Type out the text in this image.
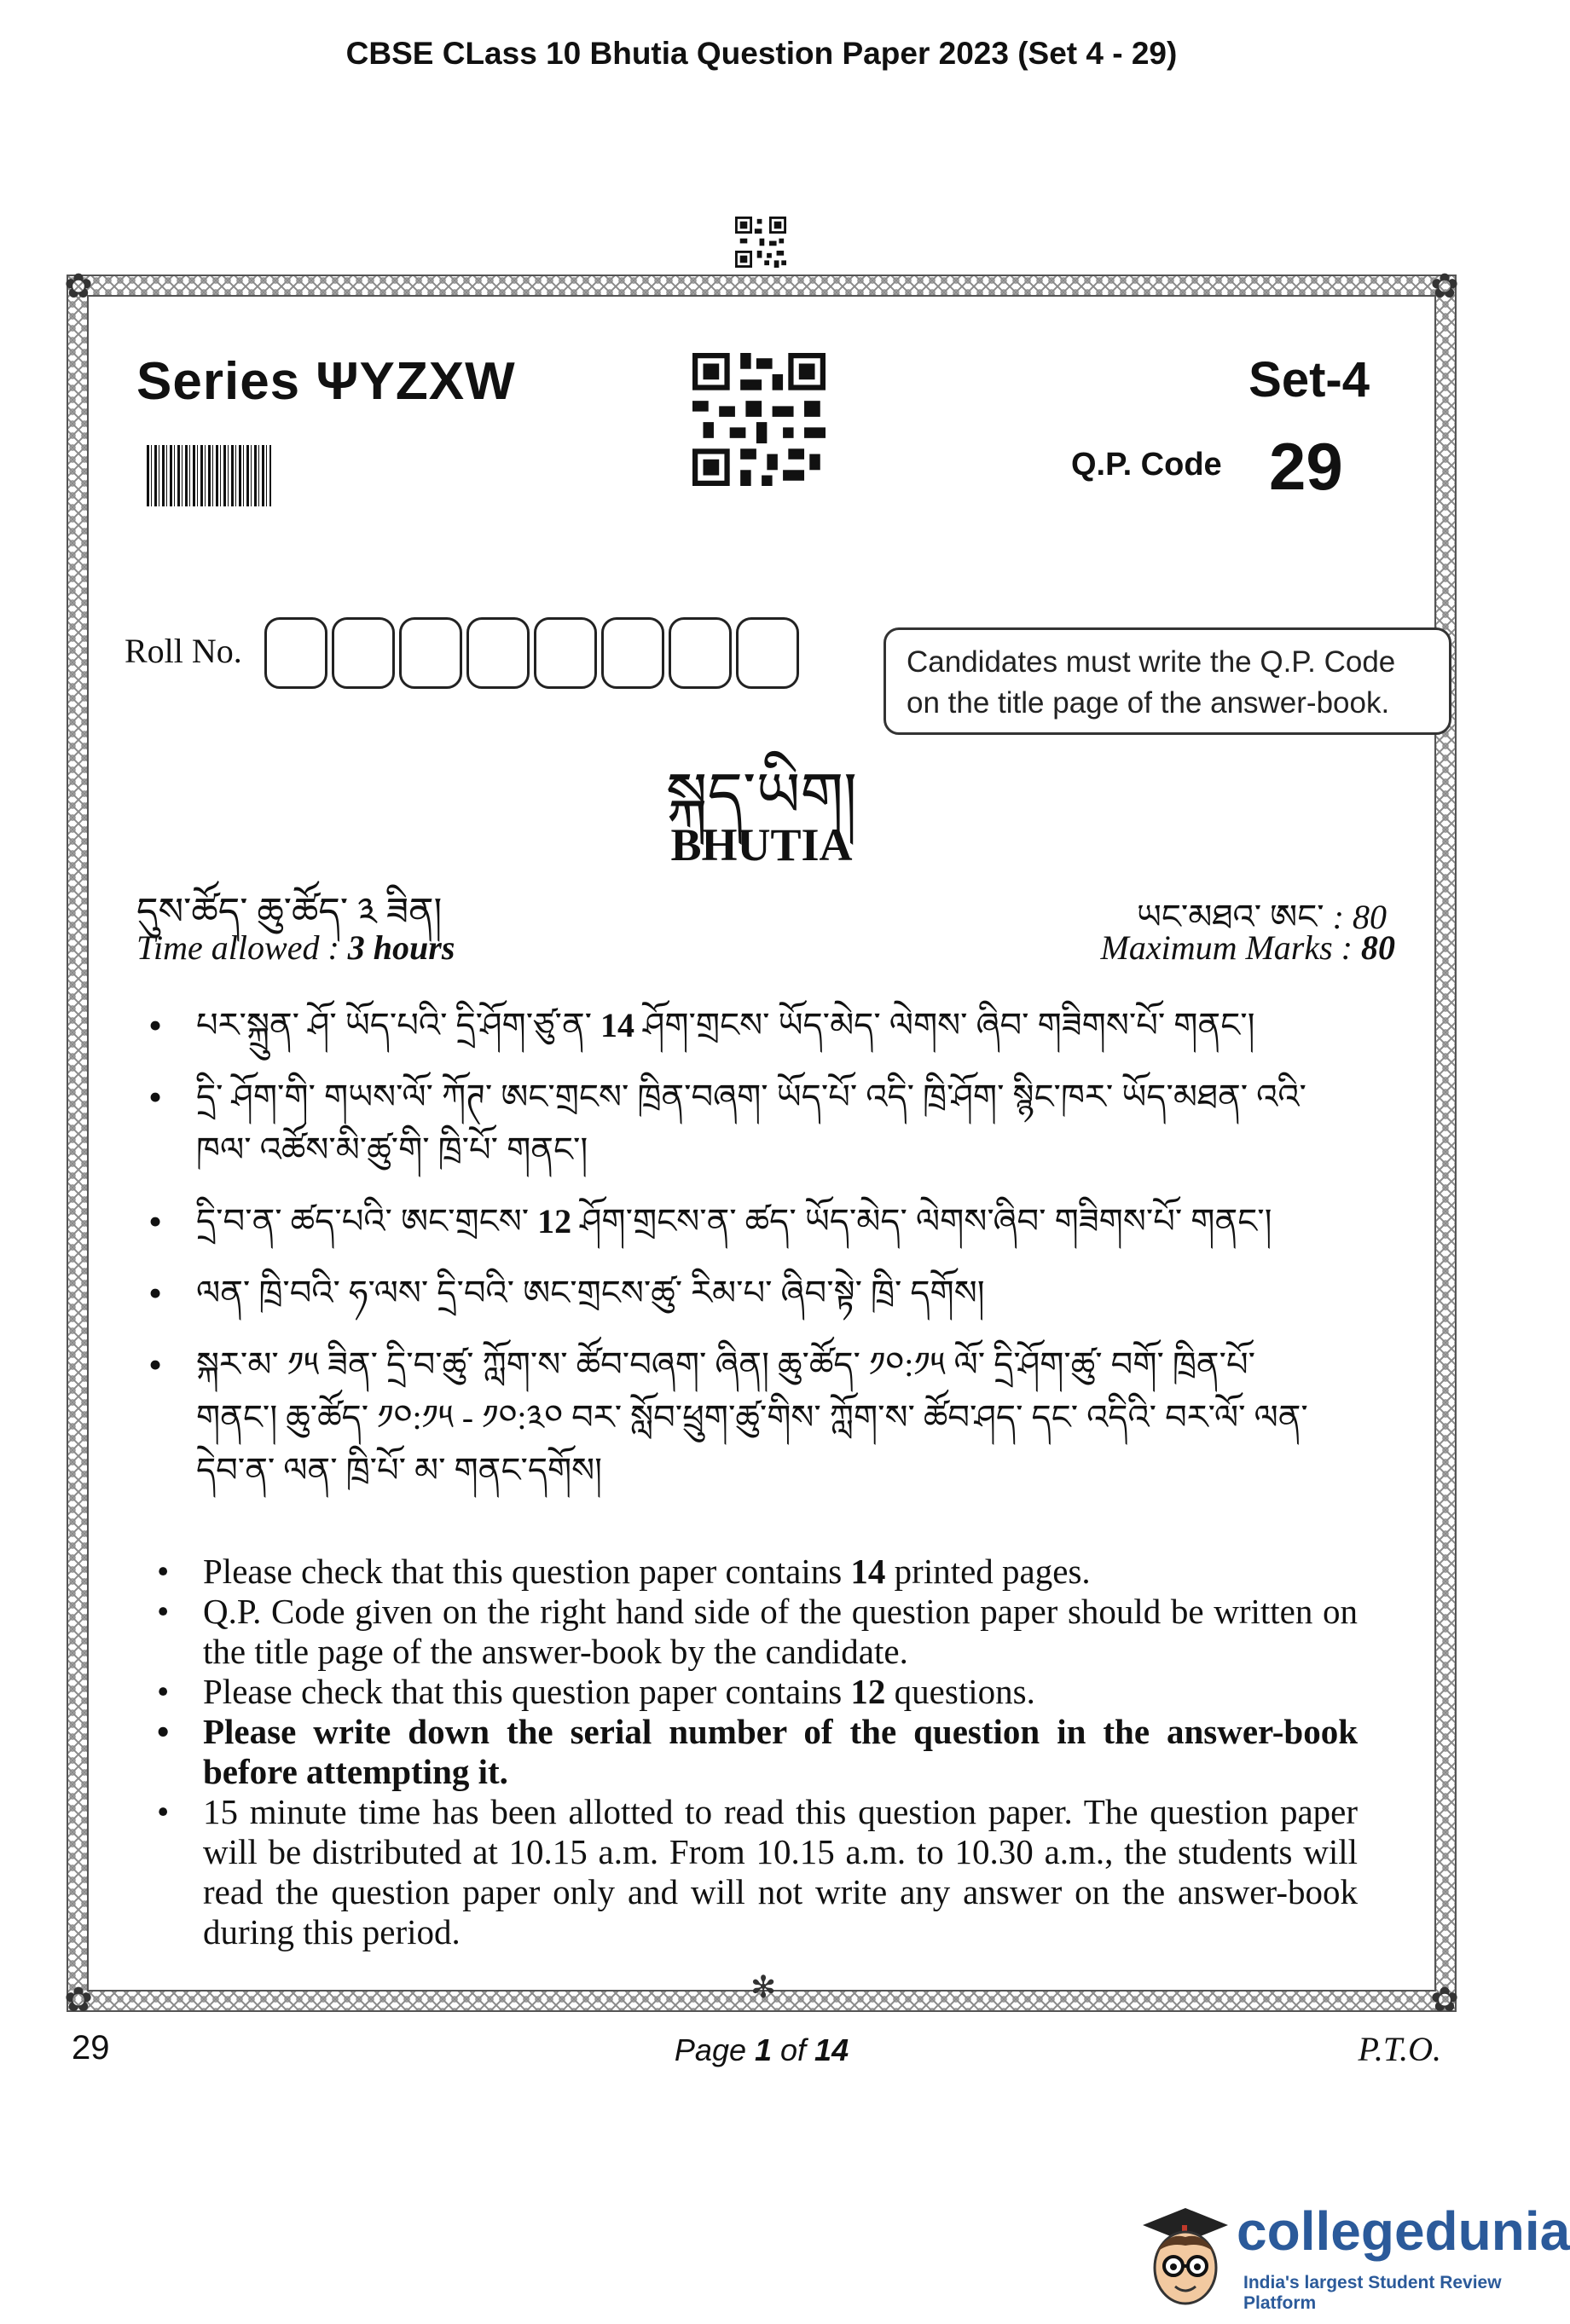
CBSE CLass 10 Bhutia Question Paper 2023 (Set 4 - 29)
✿	✿
✿	✿
✻
Series ΨYZXW	Set-4
Q.P. Code 29
Roll No.	Candidates must write the Q.P. Code
on the title page of the answer-book.
སྐད་ཡིག།
BHUTIA
དུས་ཚོད་ ཆུ་ཚོད་ ༣ ཟིན།	ཡང་མཐའ་ ཨང་ : 80
Time allowed : 3 hours	Maximum Marks : 80
• པར་སྐྲུན་ ཤོ་ ཡོད་པའི་ དྲི་ཤོག་ཙུ་ན་ 14 ཤོག་གྲངས་ ཡོད་མེད་ ལེགས་ ཞིབ་ གཟིགས་པོ་ གནང་།
• དྲི་ ཤོག་གི་ གཡས་ལོ་ ཀོཊ་ ཨང་གྲངས་ ཁྲིན་བཞག་ ཡོད་པོ་ འདི་ ཁྲི་ཤོག་ སྙིང་ཁར་ ཡོད་མཐན་ འའི་ཁལ་ འཚོས་མི་ཚུ་གི་ ཁྲི་པོ་ གནང་།
• དྲི་བ་ན་ ཚད་པའི་ ཨང་གྲངས་ 12 ཤོག་གྲངས་ན་ ཚད་ ཡོད་མེད་ ལེགས་ཞིབ་ གཟིགས་པོ་ གནང་།
• ལན་ ཁྲི་བའི་ ཧ་ལས་ དྲི་བའི་ ཨང་གྲངས་ཚུ་ རིམ་པ་ ཞིབ་སྟེ་ ཁྲི་ དགོས།
• སྐར་མ་ ༡༥ ཟིན་ དྲི་བ་ཚུ་ ཀློག་ས་ ཚོབ་བཞག་ ཞིན། ཆུ་ཚོད་ ༡༠:༡༥ ལོ་ དྲི་ཤོག་ཚུ་ བགོ་ ཁྲིན་པོ་ གནང་། ཆུ་ཚོད་ ༡༠:༡༥ - ༡༠:༣༠ བར་ སློབ་ཕྲུག་ཚུ་གིས་ ཀློག་ས་ ཚོབ་ཤད་ དང་ འདིའི་ བར་ལོ་ ལན་དེབ་ན་ ལན་ ཁྲི་པོ་ མ་ གནང་དགོས།
• Please check that this question paper contains 14 printed pages.
• Q.P. Code given on the right hand side of the question paper should be written on the title page of the answer-book by the candidate.
• Please check that this question paper contains 12 questions.
• Please write down the serial number of the question in the answer-book before attempting it.
• 15 minute time has been allotted to read this question paper. The question paper will be distributed at 10.15 a.m. From 10.15 a.m. to 10.30 a.m., the students will read the question paper only and will not write any answer on the answer-book during this period.
29	Page 1 of 14	P.T.O.
collegedunia
India's largest Student Review Platform
